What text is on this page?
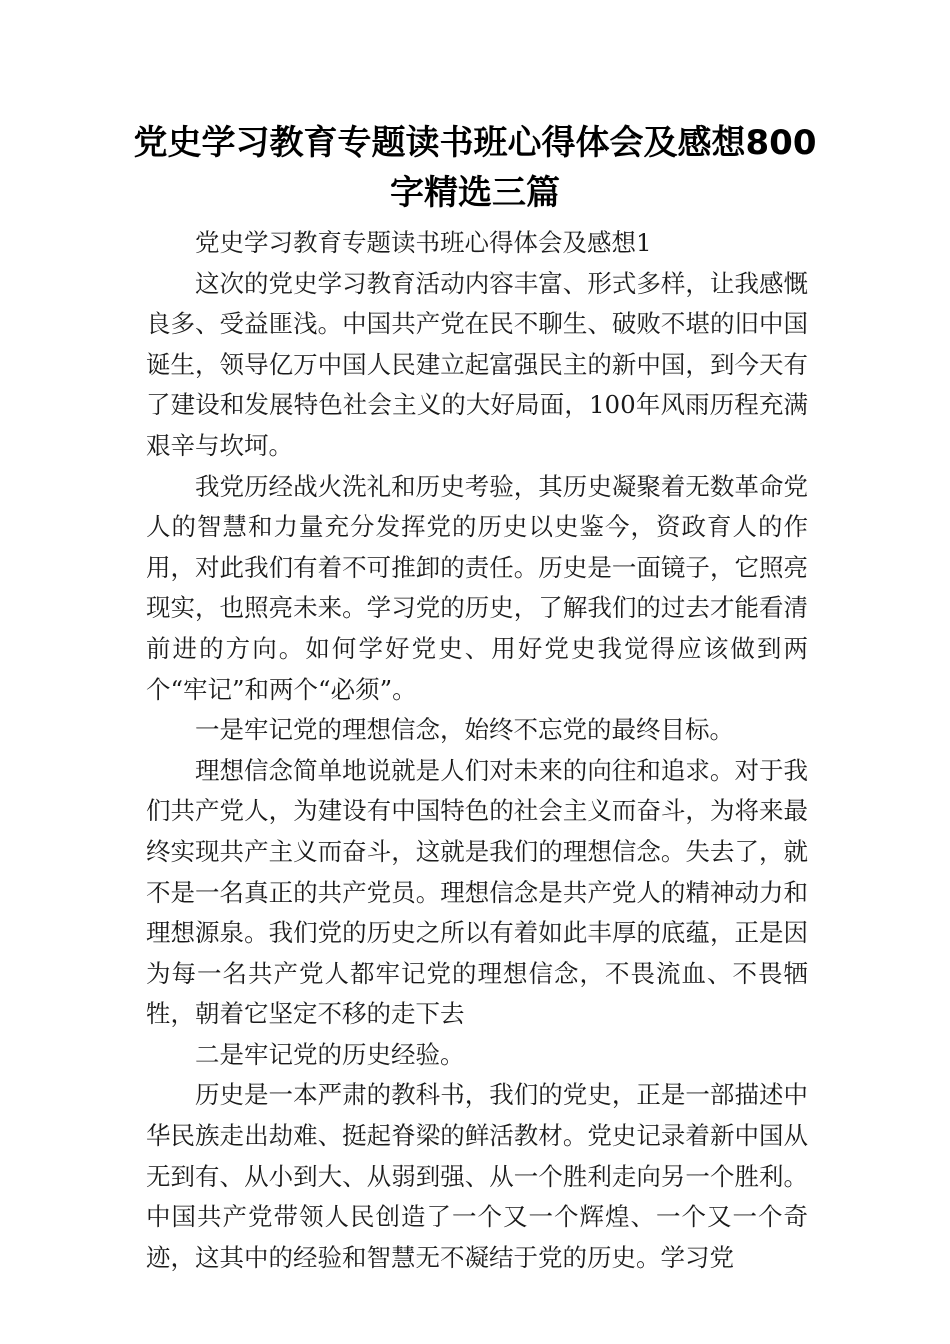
党史学习教育专题读书班心得体会及感想800字精选三篇

党史学习教育专题读书班心得体会及感想1

这次的党史学习教育活动内容丰富、形式多样，让我感慨良多、受益匪浅。中国共产党在民不聊生、破败不堪的旧中国诞生，领导亿万中国人民建立起富强民主的新中国，到今天有了建设和发展特色社会主义的大好局面，100年风雨历程充满艰辛与坎坷。

我党历经战火洗礼和历史考验，其历史凝聚着无数革命党人的智慧和力量充分发挥党的历史以史鉴今，资政育人的作用，对此我们有着不可推卸的责任。历史是一面镜子，它照亮现实，也照亮未来。学习党的历史，了解我们的过去才能看清前进的方向。如何学好党史、用好党史我觉得应该做到两个“牢记”和两个“必须”。

一是牢记党的理想信念，始终不忘党的最终目标。

理想信念简单地说就是人们对未来的向往和追求。对于我们共产党人，为建设有中国特色的社会主义而奋斗，为将来最终实现共产主义而奋斗，这就是我们的理想信念。失去了，就不是一名真正的共产党员。理想信念是共产党人的精神动力和理想源泉。我们党的历史之所以有着如此丰厚的底蕴，正是因为每一名共产党人都牢记党的理想信念，不畏流血、不畏牺牲，朝着它坚定不移的走下去

二是牢记党的历史经验。

历史是一本严肃的教科书，我们的党史，正是一部描述中华民族走出劫难、挺起脊梁的鲜活教材。党史记录着新中国从无到有、从小到大、从弱到强、从一个胜利走向另一个胜利。中国共产党带领人民创造了一个又一个辉煌、一个又一个奇迹，这其中的经验和智慧无不凝结于党的历史。学习党
